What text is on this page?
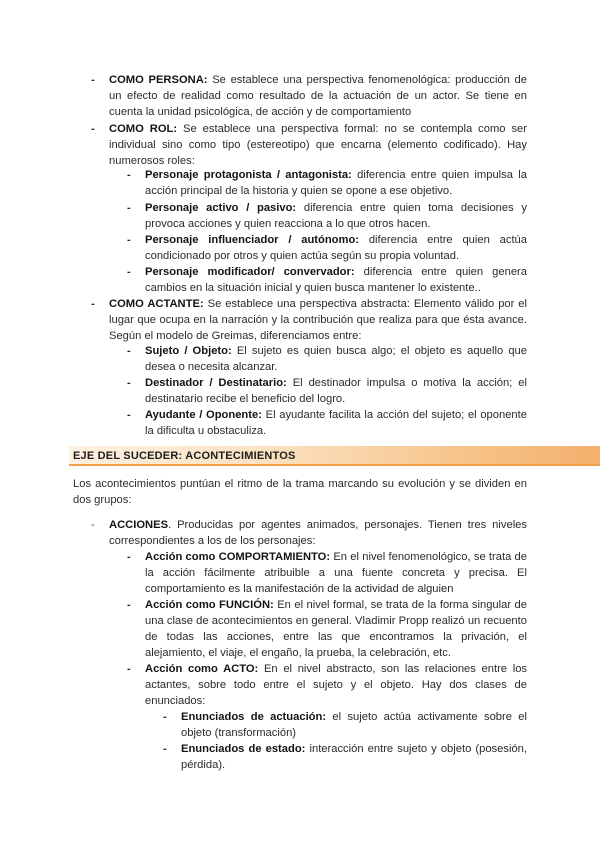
- COMO PERSONA: Se establece una perspectiva fenomenológica: producción de un efecto de realidad como resultado de la actuación de un actor. Se tiene en cuenta la unidad psicológica, de acción y de comportamiento
- COMO ROL: Se establece una perspectiva formal: no se contempla como ser individual sino como tipo (estereotipo) que encarna (elemento codificado). Hay numerosos roles:
- Personaje protagonista / antagonista: diferencia entre quien impulsa la acción principal de la historia y quien se opone a ese objetivo.
- Personaje activo / pasivo: diferencia entre quien toma decisiones y provoca acciones y quien reacciona a lo que otros hacen.
- Personaje influenciador / autónomo: diferencia entre quien actúa condicionado por otros y quien actúa según su propia voluntad.
- Personaje modificador/ convervador: diferencia entre quien genera cambios en la situación inicial y quien busca mantener lo existente..
- COMO ACTANTE: Se establece una perspectiva abstracta: Elemento válido por el lugar que ocupa en la narración y la contribución que realiza para que ésta avance. Según el modelo de Greimas, diferenciamos entre:
- Sujeto / Objeto: El sujeto es quien busca algo; el objeto es aquello que desea o necesita alcanzar.
- Destinador / Destinatario: El destinador impulsa o motiva la acción; el destinatario recibe el beneficio del logro.
- Ayudante / Oponente: El ayudante facilita la acción del sujeto; el oponente la dificulta u obstaculiza.
EJE DEL SUCEDER: ACONTECIMIENTOS
Los acontecimientos puntúan el ritmo de la trama marcando su evolución y se dividen en dos grupos:
- ACCIONES. Producidas por agentes animados, personajes. Tienen tres niveles correspondientes a los de los personajes:
- Acción como COMPORTAMIENTO: En el nivel fenomenológico, se trata de la acción fácilmente atribuible a una fuente concreta y precisa. El comportamiento es la manifestación de la actividad de alguien
- Acción como FUNCIÓN: En el nivel formal, se trata de la forma singular de una clase de acontecimientos en general. Vladimir Propp realizó un recuento de todas las acciones, entre las que encontramos la privación, el alejamiento, el viaje, el engaño, la prueba, la celebración, etc.
- Acción como ACTO: En el nivel abstracto, son las relaciones entre los actantes, sobre todo entre el sujeto y el objeto. Hay dos clases de enunciados:
- Enunciados de actuación: el sujeto actúa activamente sobre el objeto (transformación)
- Enunciados de estado: interacción entre sujeto y objeto (posesión, pérdida).
